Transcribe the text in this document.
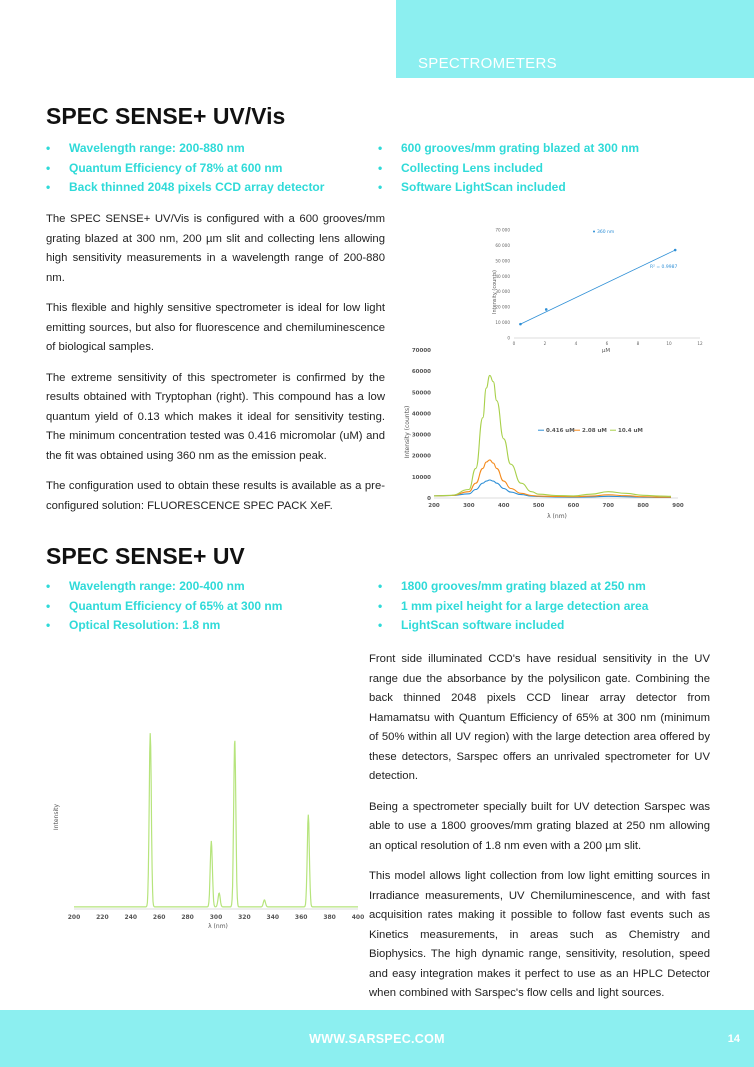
SPECTROMETERS
SPEC SENSE+ UV/Vis
• Wavelength range: 200-880 nm
• Quantum Efficiency of 78% at 600 nm
• Back thinned 2048 pixels CCD array detector
• 600 grooves/mm grating blazed at 300 nm
• Collecting Lens included
• Software LightScan included

The SPEC SENSE+ UV/Vis is configured with a 600 grooves/mm grating blazed at 300 nm, 200 µm slit and collecting lens allowing high sensitivity measurements in a wavelength range of 200-880 nm.

This flexible and highly sensitive spectrometer is ideal for low light emitting sources, but also for fluorescence and chemiluminescence of biological samples.

The extreme sensitivity of this spectrometer is confirmed by the results obtained with Tryptophan (right). This compound has a low quantum yield of 0.13 which makes it ideal for sensitivity testing. The minimum concentration tested was 0.416 micromolar (uM) and the fit was obtained using 360 nm as the emission peak.

The configuration used to obtain these results is available as a pre-configured solution: FLUORESCENCE SPEC PACK XeF.

Intensity (counts)
μM
360 nm
R² = 0.9987
0
10 000
20 000
30 000
40 000
50 000
60 000
70 000
0	2	4	6	8	10	12
Intensity (counts)
λ (nm)
0
10000
20000
30000
40000
50000
60000
70000
200	300	400	500	600	700	800	900
0.416 uM 2.08 uM 10.4 uM
SPEC SENSE+ UV
• Wavelength range: 200-400 nm
• Quantum Efficiency of 65% at 300 nm
• Optical Resolution: 1.8 nm
• 1800 grooves/mm grating blazed at 250 nm
• 1 mm pixel height for a large detection area
• LightScan software included

Front side illuminated CCD's have residual sensitivity in the UV range due the absorbance by the polysilicon gate. Combining the back thinned 2048 pixels CCD linear array detector from Hamamatsu with Quantum Efficiency of 65% at 300 nm (minimum of 50% within all UV region) with the large detection area offered by these detectors, Sarspec offers an unrivaled spectrometer for UV detection.

Being a spectrometer specially built for UV detection Sarspec was able to use a 1800 grooves/mm grating blazed at 250 nm allowing an optical resolution of 1.8 nm even with a 200 µm slit.

This model allows light collection from low light emitting sources in Irradiance measurements, UV Chemiluminescence, and with fast acquisition rates making it possible to follow fast events such as Kinetics measurements, in areas such as Chemistry and Biophysics. The high dynamic range, sensitivity, resolution, speed and easy integration makes it perfect to use as an HPLC Detector when combined with Sarspec's flow cells and light sources.

Intensity
λ (nm)
200	220	240	260	280	300	320	340	360	380	400
WWW.SARSPEC.COM	14
